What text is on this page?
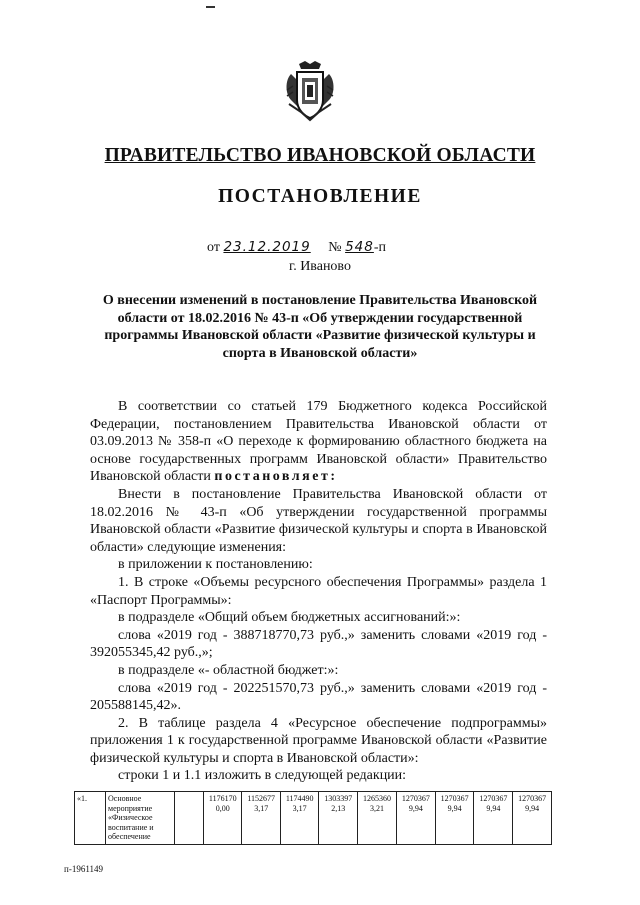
ПРАВИТЕЛЬСТВО ИВАНОВСКОЙ ОБЛАСТИ
ПОСТАНОВЛЕНИЕ
от 23.12.2019 № 548-п
г. Иваново
О внесении изменений в постановление Правительства Ивановской области от 18.02.2016 № 43-п «Об утверждении государственной программы Ивановской области «Развитие физической культуры и спорта в Ивановской области»

В соответствии со статьей 179 Бюджетного кодекса Российской Федерации, постановлением Правительства Ивановской области от 03.09.2013 № 358-п «О переходе к формированию областного бюджета на основе государственных программ Ивановской области» Правительство Ивановской области постановляет:

Внести в постановление Правительства Ивановской области от 18.02.2016 № 43-п «Об утверждении государственной программы Ивановской области «Развитие физической культуры и спорта в Ивановской области» следующие изменения:

в приложении к постановлению:

1. В строке «Объемы ресурсного обеспечения Программы» раздела 1 «Паспорт Программы»:

в подразделе «Общий объем бюджетных ассигнований:»:

слова «2019 год - 388718770,73 руб.,» заменить словами «2019 год - 392055345,42 руб.,»;

в подразделе «- областной бюджет:»:

слова «2019 год - 202251570,73 руб.,» заменить словами «2019 год - 205588145,42».

2. В таблице раздела 4 «Ресурсное обеспечение подпрограммы» приложения 1 к государственной программе Ивановской области «Развитие физической культуры и спорта в Ивановской области»:

строки 1 и 1.1 изложить в следующей редакции:

«1.	Основное мероприятие «Физическое воспитание и обеспечение		1176170 0,00	1152677 3,17	1174490 3,17	1303397 2,13	1265360 3,21	1270367 9,94	1270367 9,94	1270367 9,94	1270367 9,94
п-1961149
